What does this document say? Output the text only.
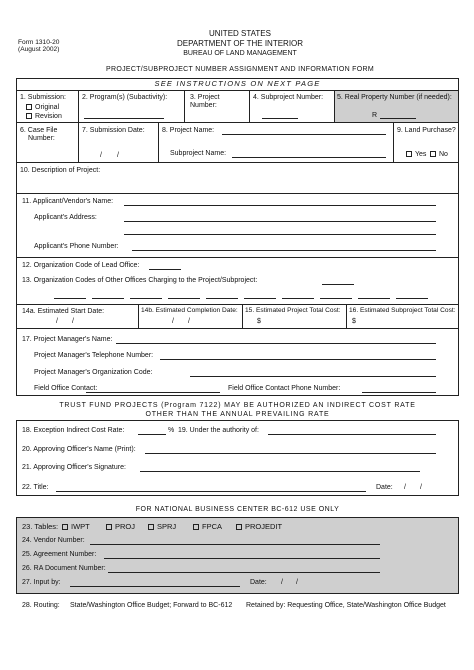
Form 1310-20
(August 2002)
UNITED STATES
DEPARTMENT OF THE INTERIOR
BUREAU OF LAND MANAGEMENT
PROJECT/SUBPROJECT NUMBER ASSIGNMENT AND INFORMATION FORM
SEE INSTRUCTIONS ON NEXT PAGE
1. Submission:
Original
Revision
2. Program(s) (Subactivity):	3. Project
Number:
4. Subproject Number: 5. Real Property Number (if needed):
R
6. Case File
Number:
7. Submission Date:
/ /
8. Project Name:
Subproject Name:
9. Land Purchase?
Yes	No
10. Description of Project:
11. Applicant/Vendor's Name:
Applicant's Address:
Applicant's Phone Number:
12. Organization Code of Lead Office:
13. Organization Codes of Other Offices Charging to the Project/Subproject:
14a. Estimated Start Date:
/ /
14b. Estimated Completion Date:
/ /
15. Estimated Project Total Cost:
$
16. Estimated Subproject Total Cost:
$
17. Project Manager's Name:
Project Manager's Telephone Number:
Project Manager's Organization Code:
Field Office Contact:	Field Office Contact Phone Number:
TRUST FUND PROJECTS (Program 7122) MAY BE AUTHORIZED AN INDIRECT COST RATE
OTHER THAN THE ANNUAL PREVAILING RATE
18. Exception Indirect Cost Rate:	% 19. Under the authority of:
20. Approving Officer's Name (Print):
21. Approving Officer's Signature:
22. Title:	Date: / /
FOR NATIONAL BUSINESS CENTER BC-612 USE ONLY
23. Tables:	IWPT	PROJ	SPRJ	FPCA	PROJEDIT
24. Vendor Number:
25. Agreement Number:
26. RA Document Number:
27. Input by:	Date: / /
28. Routing: State/Washington Office Budget; Forward to BC-612 Retained by: Requesting Office, State/Washington Office Budget
